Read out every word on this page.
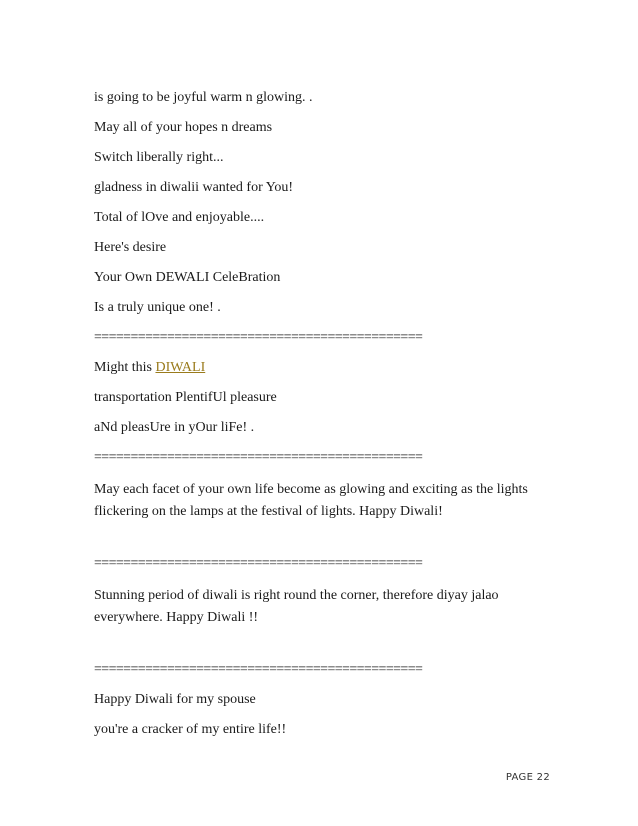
is going to be joyful warm n glowing. .

May all of your hopes n dreams

Switch liberally right...

gladness in diwalii wanted for You!

Total of lOve and enjoyable....

Here's desire

Your Own DEWALI CeleBration

Is a truly unique one! .

=============================================

Might this DIWALI

transportation PlentifUl pleasure

aNd pleasUre in yOur liFe! .

=============================================

May each facet of your own life become as glowing and exciting as the lights flickering on the lamps at the festival of lights. Happy Diwali!

=============================================

Stunning period of diwali is right round the corner, therefore diyay jalao everywhere. Happy Diwali !!

=============================================

Happy Diwali for my spouse

you're a cracker of my entire life!!

PAGE 22
